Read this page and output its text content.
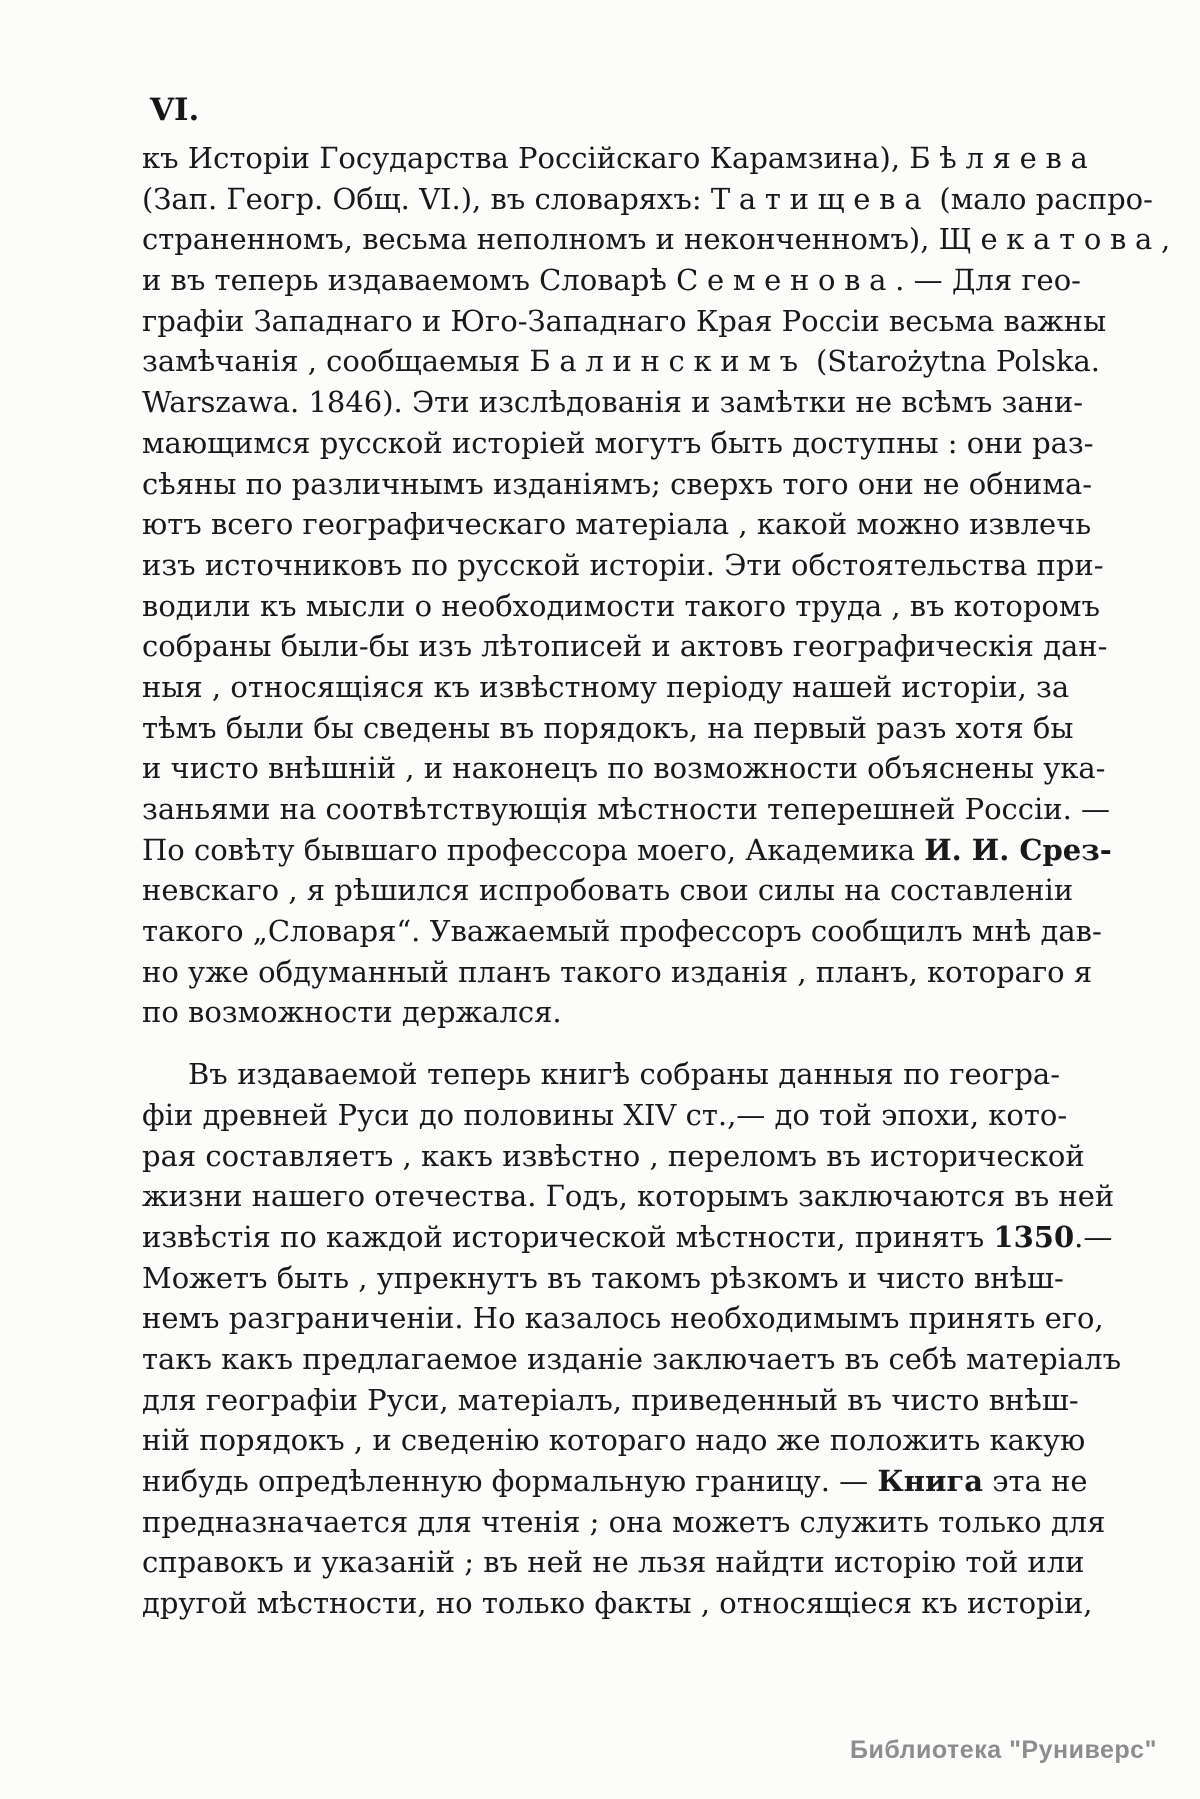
VI.
къ Исторіи Государства Россійскаго Карамзина), Бѣляева
(Зап. Геогр. Общ. VI.), въ словаряхъ: Татищева (мало распро-
страненномъ, весьма неполномъ и неконченномъ), Щекатова,
и въ теперь издаваемомъ Словарѣ Семенова. — Для гео-
графіи Западнаго и Юго-Западнаго Края Россіи весьма важны
замѣчанія , сообщаемыя Балинскимъ (Starożytna Polska.
Warszawa. 1846). Эти изслѣдованія и замѣтки не всѣмъ зани-
мающимся русской исторіей могутъ быть доступны : они раз-
сѣяны по различнымъ изданіямъ; сверхъ того они не обнима-
ютъ всего географическаго матеріала , какой можно извлечь
изъ источниковъ по русской исторіи. Эти обстоятельства при-
водили къ мысли о необходимости такого труда , въ которомъ
собраны были-бы изъ лѣтописей и актовъ географическія дан-
ныя , относящіяся къ извѣстному періоду нашей исторіи, за
тѣмъ были бы сведены въ порядокъ, на первый разъ хотя бы
и чисто внѣшній , и наконецъ по возможности объяснены ука-
заньями на соотвѣтствующія мѣстности теперешней Россіи. —
По совѣту бывшаго профессора моего, Академика И. И. Срез-
невскаго , я рѣшился испробовать свои силы на составленіи
такого „Словаря“. Уважаемый профессоръ сообщилъ мнѣ дав-
но уже обдуманный планъ такого изданія , планъ, котораго я
по возможности держался.
Въ издаваемой теперь книгѣ собраны данныя по геогра-
фіи древней Руси до половины XIV ст.,— до той эпохи, кото-
рая составляетъ , какъ извѣстно , переломъ въ исторической
жизни нашего отечества. Годъ, которымъ заключаются въ ней
извѣстія по каждой исторической мѣстности, принятъ 1350.—
Можетъ быть , упрекнутъ въ такомъ рѣзкомъ и чисто внѣш-
немъ разграниченіи. Но казалось необходимымъ принять его,
такъ какъ предлагаемое изданіе заключаетъ въ себѣ матеріалъ
для географіи Руси, матеріалъ, приведенный въ чисто внѣш-
ній порядокъ , и сведенію котораго надо же положить какую
нибудь опредѣленную формальную границу. — Книга эта не
предназначается для чтенія ; она можетъ служить только для
справокъ и указаній ; въ ней не льзя найдти исторію той или
другой мѣстности, но только факты , относящіеся къ исторіи,
Библиотека "Руниверс"
